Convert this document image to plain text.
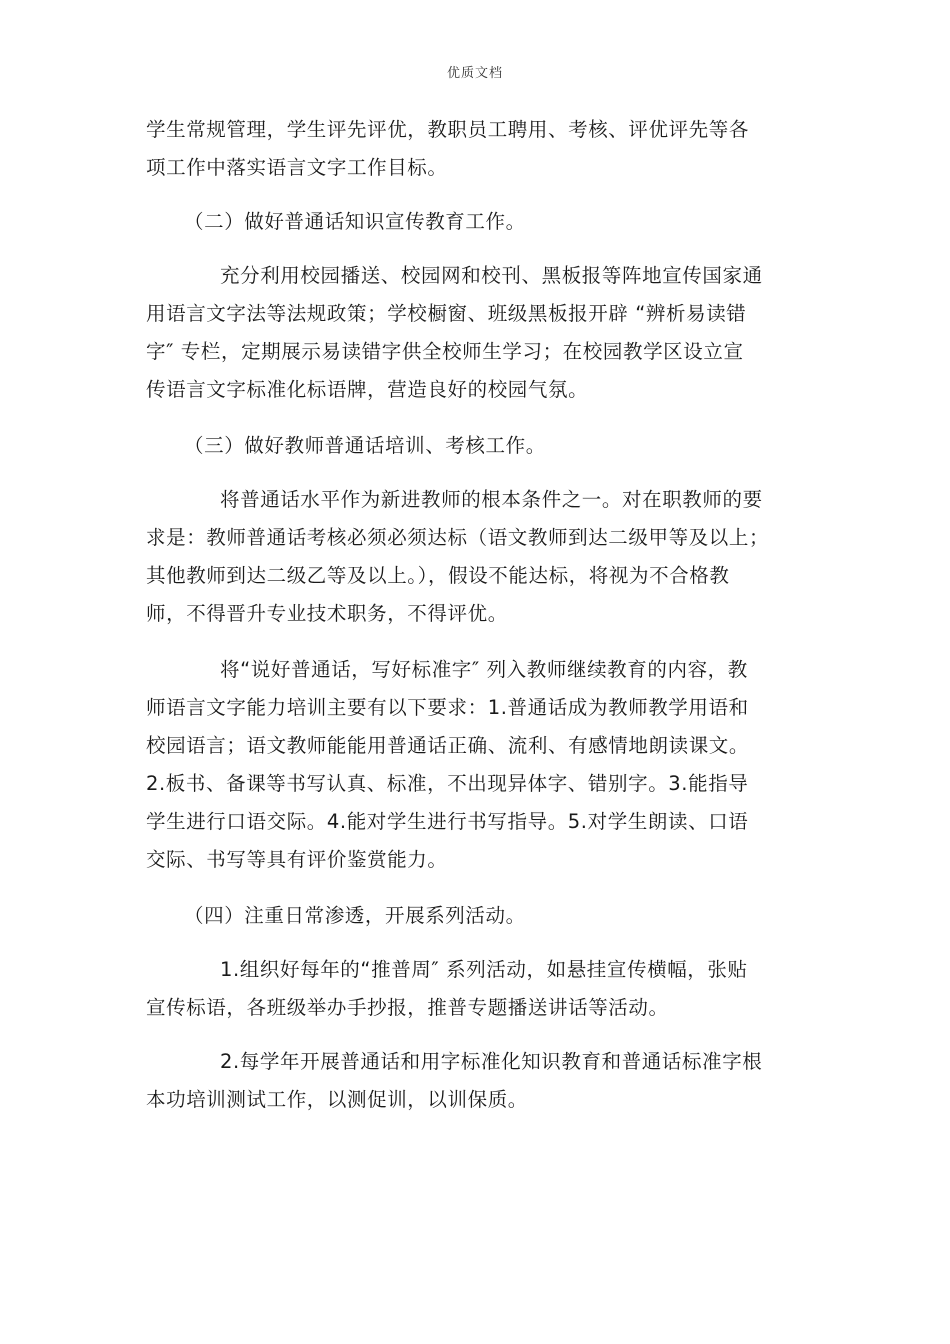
优质文档
学生常规管理，学生评先评优，教职员工聘用、考核、评优评先等各
项工作中落实语言文字工作目标。
（二）做好普通话知识宣传教育工作。
充分利用校园播送、校园网和校刊、黑板报等阵地宣传国家通
用语言文字法等法规政策；学校橱窗、班级黑板报开辟 “辨析易读错
字″ 专栏，定期展示易读错字供全校师生学习；在校园教学区设立宣
传语言文字标准化标语牌，营造良好的校园气氛。
（三）做好教师普通话培训、考核工作。
将普通话水平作为新进教师的根本条件之一。对在职教师的要
求是：教师普通话考核必须必须达标（语文教师到达二级甲等及以上；
其他教师到达二级乙等及以上。），假设不能达标，将视为不合格教
师，不得晋升专业技术职务，不得评优。
将“说好普通话，写好标准字″ 列入教师继续教育的内容，教
师语言文字能力培训主要有以下要求：1.普通话成为教师教学用语和
校园语言；语文教师能能用普通话正确、流利、有感情地朗读课文。
2.板书、备课等书写认真、标准，不出现异体字、错别字。3.能指导
学生进行口语交际。4.能对学生进行书写指导。5.对学生朗读、口语
交际、书写等具有评价鉴赏能力。
（四）注重日常渗透，开展系列活动。
1.组织好每年的“推普周″ 系列活动，如悬挂宣传横幅，张贴
宣传标语，各班级举办手抄报，推普专题播送讲话等活动。
2.每学年开展普通话和用字标准化知识教育和普通话标准字根
本功培训测试工作，以测促训，以训保质。
